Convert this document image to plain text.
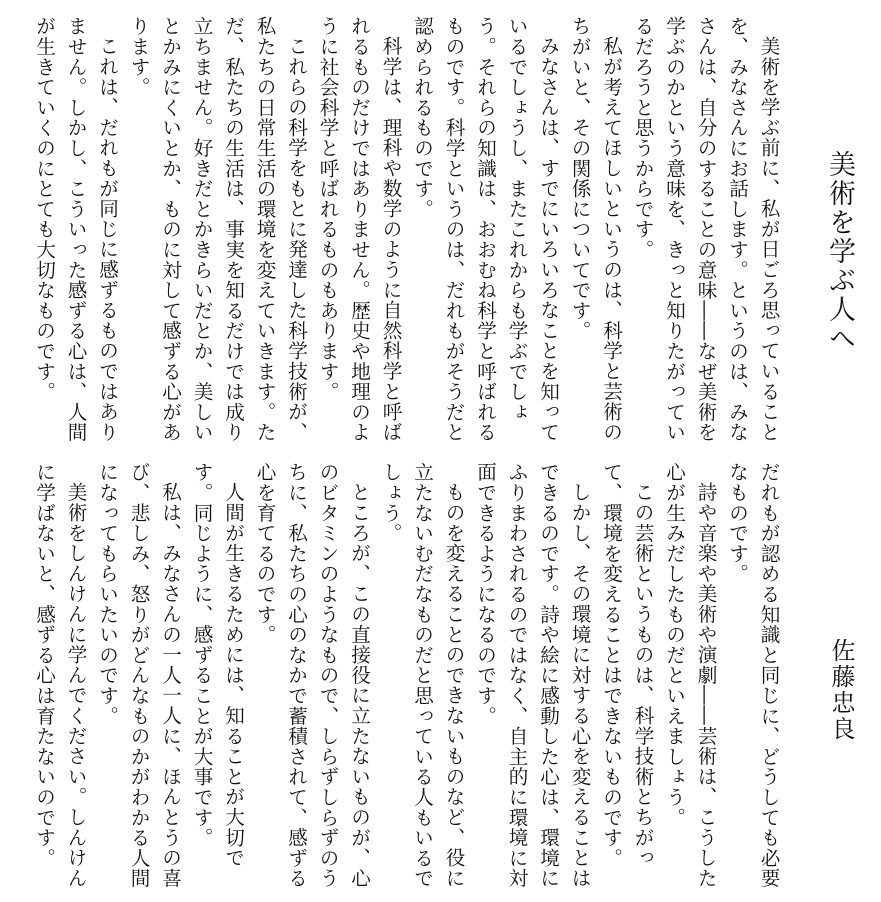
美術を学ぶ人へ
佐藤忠良

美術を学ぶ前に、私が日ごろ思っていることを、みなさんにお話します。というのは、みなさんは、自分のすることの意味――なぜ美術を学ぶのかという意味を、きっと知りたがっているだろうと思うからです。

私が考えてほしいというのは、科学と芸術のちがいと、その関係についてです。

みなさんは、すでにいろいろなことを知っているでしょうし、またこれからも学ぶでしょう。それらの知識は、おおむね科学と呼ばれるものです。科学というのは、だれもがそうだと認められるものです。

科学は、理科や数学のように自然科学と呼ばれるものだけではありません。歴史や地理のように社会科学と呼ばれるものもあります。

これらの科学をもとに発達した科学技術が、私たちの日常生活の環境を変えていきます。ただ、私たちの生活は、事実を知るだけでは成り立ちません。好きだとかきらいだとか、美しいとかみにくいとか、ものに対して感ずる心があります。

これは、だれもが同じに感ずるものではありません。しかし、こういった感ずる心は、人間が生きていくのにとても大切なものです。

だれもが認める知識と同じに、どうしても必要なものです。

詩や音楽や美術や演劇――芸術は、こうした心が生みだしたものだといえましょう。

この芸術というものは、科学技術とちがって、環境を変えることはできないものです。

しかし、その環境に対する心を変えることはできるのです。詩や絵に感動した心は、環境にふりまわされるのではなく、自主的に環境に対面できるようになるのです。

ものを変えることのできないものなど、役に立たないむだなものだと思っている人もいるでしょう。

ところが、この直接役に立たないものが、心のビタミンのようなもので、しらずしらずのうちに、私たちの心のなかで蓄積されて、感ずる心を育てるのです。

人間が生きるためには、知ることが大切です。同じように、感ずることが大事です。

私は、みなさんの一人一人に、ほんとうの喜び、悲しみ、怒りがどんなものかがわかる人間になってもらいたいのです。

美術をしんけんに学んでください。しんけんに学ばないと、感ずる心は育たないのです。
